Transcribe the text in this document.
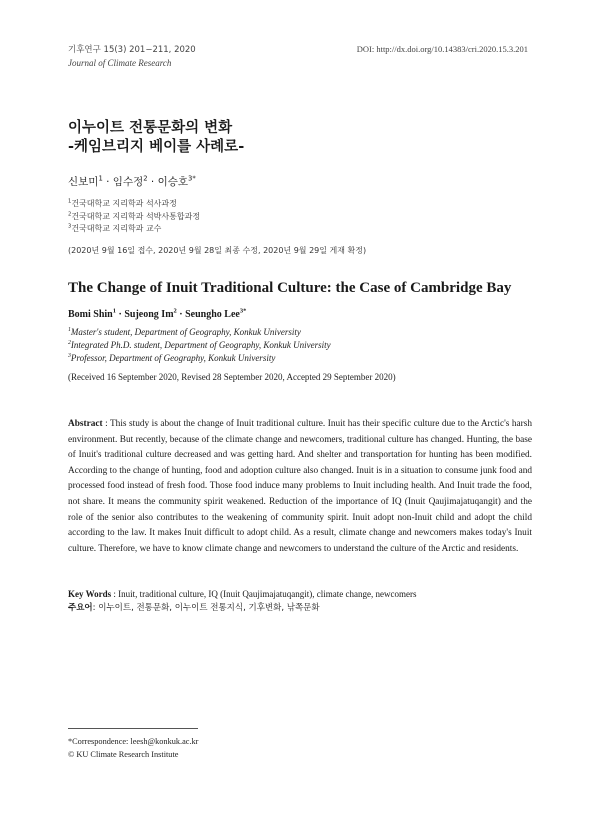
기후연구 15(3) 201−211, 2020
Journal of Climate Research
DOI: http://dx.doi.org/10.14383/cri.2020.15.3.201
이누이트 전통문화의 변화
-케임브리지 베이를 사례로-
신보미$^1$ · 임수정$^2$ · 이승호$^{3*}$
$^1$건국대학교 지리학과 석사과정
$^2$건국대학교 지리학과 석박사통합과정
$^3$건국대학교 지리학과 교수
(2020년 9월 16일 접수, 2020년 9월 28일 최종 수정, 2020년 9월 29일 게재 확정)
The Change of Inuit Traditional Culture: the Case of Cambridge Bay
Bomi Shin$^1$ · Sujeong $Im^2$ · Seungho Lee$^{3*}$
$^1$Master's student, Department of Geography, Konkuk University
$^2$Integrated Ph.D. student, Department of Geography, Konkuk University
$^3$Professor, Department of Geography, Konkuk University
(Received 16 September 2020, Revised 28 September 2020, Accepted 29 September 2020)
Abstract : This study is about the change of Inuit traditional culture. Inuit has their specific culture due to the Arctic's harsh environment. But recently, because of the climate change and newcomers, traditional culture has changed. Hunting, the base of Inuit's traditional culture decreased and was getting hard. And shelter and transportation for hunting has been modified. According to the change of hunting, food and adoption culture also changed. Inuit is in a situation to consume junk food and processed food instead of fresh food. Those food induce many problems to Inuit including health. And Inuit trade the food, not share. It means the community spirit weakened. Reduction of the importance of IQ (Inuit Qaujimajatuqangit) and the role of the senior also contributes to the weakening of community spirit. Inuit adopt non-Inuit child and adopt the child according to the law. It makes Inuit difficult to adopt child. As a result, climate change and newcomers makes today's Inuit culture. Therefore, we have to know climate change and newcomers to understand the culture of the Arctic and residents.
Key Words : Inuit, traditional culture, IQ (Inuit Qaujimajatuqangit), climate change, newcomers
주요어: 이누이트, 전통문화, 이누이트 전통지식, 기후변화, 낚쪽문화
*Correspondence: leesh@konkuk.ac.kr
© KU Climate Research Institute
